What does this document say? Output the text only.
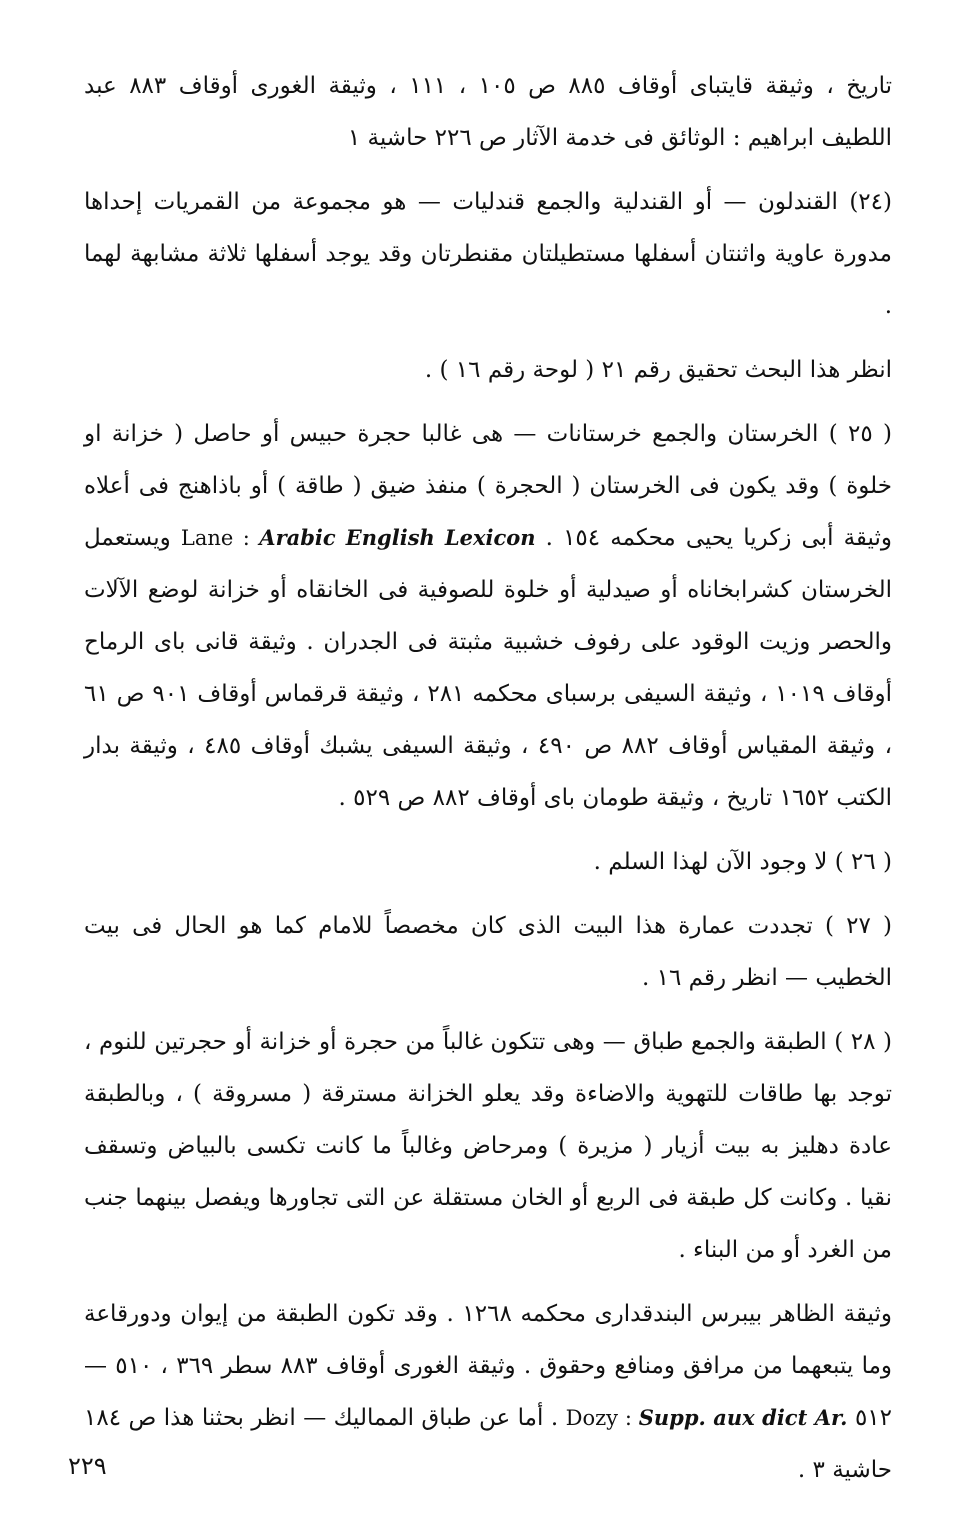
تاريخ ، وثيقة قايتباى أوقاف ٨٨٥ ص ١٠٥ ، ١١١ ، وثيقة الغورى أوقاف ٨٨٣ عبد اللطيف ابراهيم : الوثائق فى خدمة الآثار ص ٢٢٦ حاشية ١

(٢٤) القندلون — أو القندلية والجمع قندليات — هو مجموعة من القمريات إحداها مدورة عاوية واثنتان أسفلها مستطيلتان مقنطرتان وقد يوجد أسفلها ثلاثة مشابهة لهما .

انظر هذا البحث تحقيق رقم ٢١ ( لوحة رقم ١٦ ) .

( ٢٥ ) الخرستان والجمع خرستانات — هى غالبا حجرة حبيس أو حاصل ( خزانة او خلوة ) وقد يكون فى الخرستان ( الحجرة ) منفذ ضيق ( طاقة ) أو باذاهنج فى أعلاه وثيقة أبى زكريا يحيى محكمه ١٥٤ . Lane : Arabic English Lexicon ويستعمل الخرستان كشرابخاناه أو صيدلية أو خلوة للصوفية فى الخانقاه أو خزانة لوضع الآلات والحصر وزيت الوقود على رفوف خشبية مثبتة فى الجدران . وثيقة قانى باى الرماح أوقاف ١٠١٩ ، وثيقة السيفى برسباى محكمه ٢٨١ ، وثيقة قرقماس أوقاف ٩٠١ ص ٦١ ، وثيقة المقياس أوقاف ٨٨٢ ص ٤٩٠ ، وثيقة السيفى يشبك أوقاف ٤٨٥ ، وثيقة بدار الكتب ١٦٥٢ تاريخ ، وثيقة طومان باى أوقاف ٨٨٢ ص ٥٢٩ .

( ٢٦ ) لا وجود الآن لهذا السلم .

( ٢٧ ) تجددت عمارة هذا البيت الذى كان مخصصاً للامام كما هو الحال فى بيت الخطيب — انظر رقم ١٦ .

( ٢٨ ) الطبقة والجمع طباق — وهى تتكون غالباً من حجرة أو خزانة أو حجرتين للنوم ، توجد بها طاقات للتهوية والاضاءة وقد يعلو الخزانة مسترقة ( مسروقة ) ، وبالطبقة عادة دهليز به بيت أزيار ( مزيرة ) ومرحاض وغالباً ما كانت تكسى بالبياض وتسقف نقيا . وكانت كل طبقة فى الربع أو الخان مستقلة عن التى تجاورها ويفصل بينهما جنب من الغرد أو من البناء .

وثيقة الظاهر بيبرس البندقدارى محكمه ١٢٦٨ . وقد تكون الطبقة من إيوان ودورقاعة وما يتبعهما من مرافق ومنافع وحقوق . وثيقة الغورى أوقاف ٨٨٣ سطر ٣٦٩ ، ٥١٠ — ٥١٢ Dozy : Supp. aux dict Ar. . أما عن طباق المماليك — انظر بحثنا هذا ص ١٨٤ حاشية ٣ .

٢٢٩
